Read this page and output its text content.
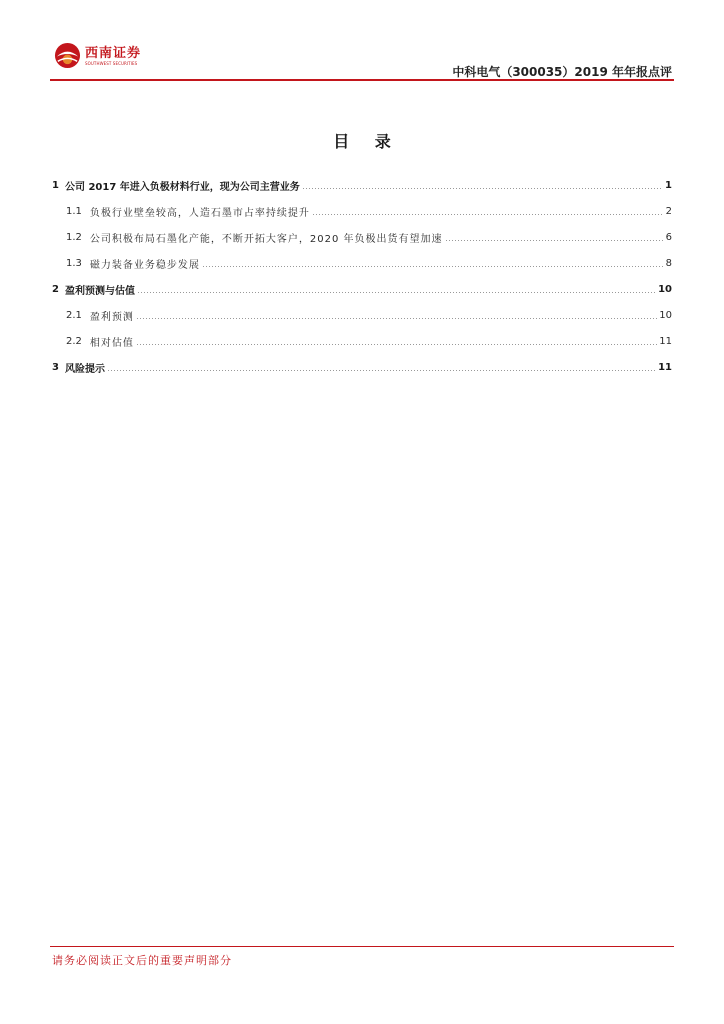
西南证券
SOUTHWEST SECURITIES
中科电气（300035）2019 年年报点评
目 录
1 公司 2017 年进入负极材料行业，现为公司主营业务	1
1.1 负极行业壁垒较高，人造石墨市占率持续提升	2
1.2 公司积极布局石墨化产能，不断开拓大客户，2020 年负极出货有望加速	6
1.3 磁力装备业务稳步发展	8
2 盈利预测与估值	10
2.1 盈利预测	10
2.2 相对估值	11
3 风险提示	11
请务必阅读正文后的重要声明部分
